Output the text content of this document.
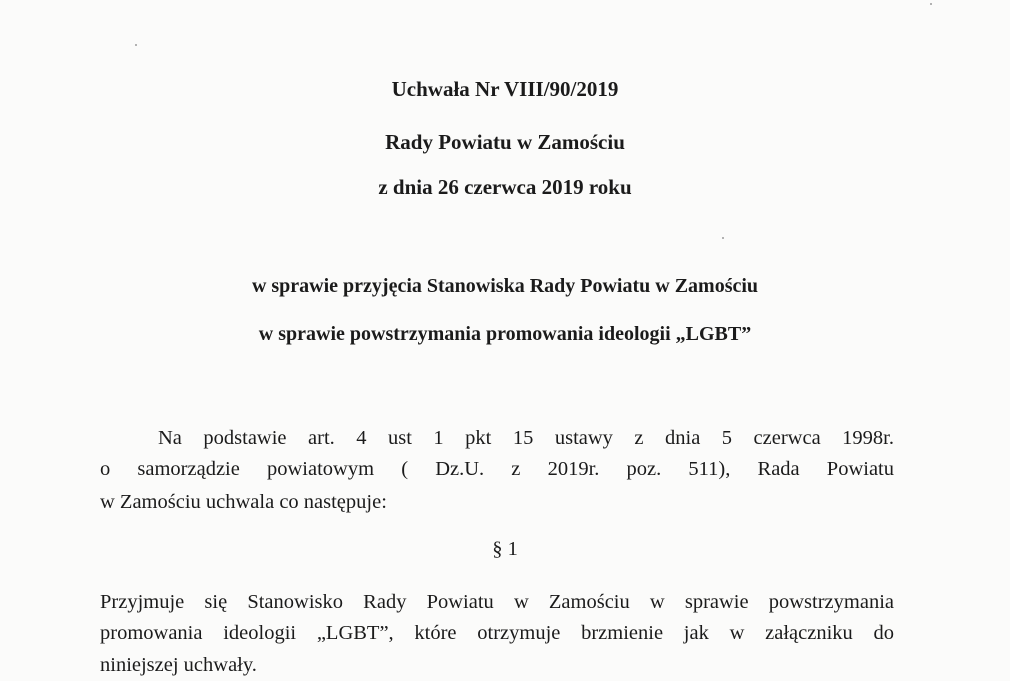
Uchwała Nr VIII/90/2019
Rady Powiatu w Zamościu
z dnia 26 czerwca 2019 roku
w sprawie przyjęcia Stanowiska Rady Powiatu w Zamościu
w sprawie powstrzymania promowania ideologii „LGBT”
Na podstawie art. 4 ust 1 pkt 15 ustawy z dnia 5 czerwca 1998r.
o samorządzie powiatowym ( Dz.U. z 2019r. poz. 511), Rada Powiatu
w Zamościu uchwala co następuje:
§ 1
Przyjmuje się Stanowisko Rady Powiatu w Zamościu w sprawie powstrzymania
promowania ideologii „LGBT”, które otrzymuje brzmienie jak w załączniku do
niniejszej uchwały.
